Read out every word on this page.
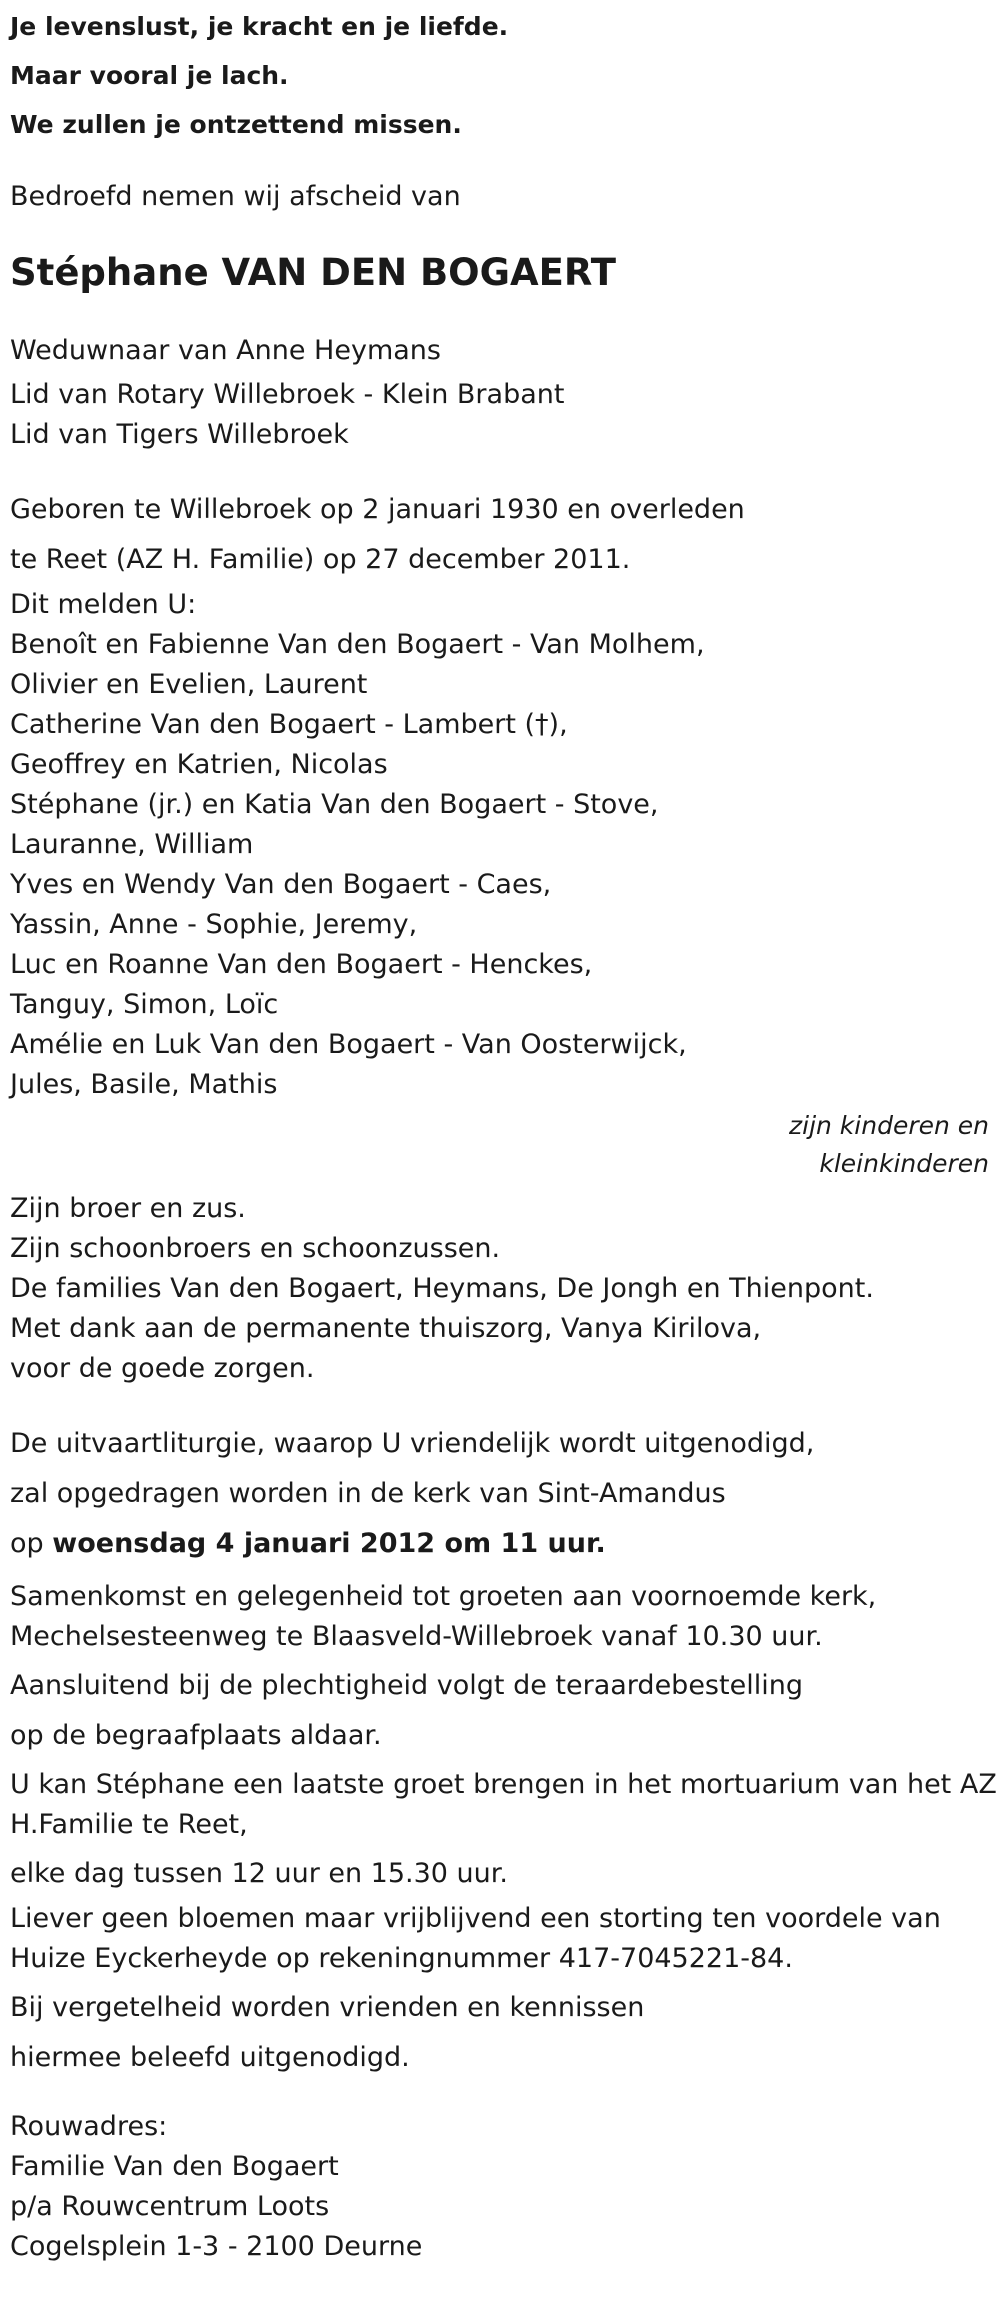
Je levenslust, je kracht en je liefde.
Maar vooral je lach.
We zullen je ontzettend missen.
Bedroefd nemen wij afscheid van
Stéphane VAN DEN BOGAERT
Weduwnaar van Anne Heymans
Lid van Rotary Willebroek - Klein Brabant
Lid van Tigers Willebroek
Geboren te Willebroek op 2 januari 1930 en overleden
te Reet (AZ H. Familie) op 27 december 2011.
Dit melden U:
Benoît en Fabienne Van den Bogaert - Van Molhem,
Olivier en Evelien, Laurent
Catherine Van den Bogaert - Lambert (†),
Geoffrey en Katrien, Nicolas
Stéphane (jr.) en Katia Van den Bogaert - Stove,
Lauranne, William
Yves en Wendy Van den Bogaert - Caes,
Yassin, Anne - Sophie, Jeremy,
Luc en Roanne Van den Bogaert - Henckes,
Tanguy, Simon, Loïc
Amélie en Luk Van den Bogaert - Van Oosterwijck,
Jules, Basile, Mathis
zijn kinderen en
kleinkinderen
Zijn broer en zus.
Zijn schoonbroers en schoonzussen.
De families Van den Bogaert, Heymans, De Jongh en Thienpont.
Met dank aan de permanente thuiszorg, Vanya Kirilova,
voor de goede zorgen.
De uitvaartliturgie, waarop U vriendelijk wordt uitgenodigd,
zal opgedragen worden in de kerk van Sint-Amandus
op woensdag 4 januari 2012 om 11 uur.
Samenkomst en gelegenheid tot groeten aan voornoemde kerk,
Mechelsesteenweg te Blaasveld-Willebroek vanaf 10.30 uur.
Aansluitend bij de plechtigheid volgt de teraardebestelling
op de begraafplaats aldaar.
U kan Stéphane een laatste groet brengen in het mortuarium van het AZ
H.Familie te Reet,
elke dag tussen 12 uur en 15.30 uur.
Liever geen bloemen maar vrijblijvend een storting ten voordele van
Huize Eyckerheyde op rekeningnummer 417-7045221-84.
Bij vergetelheid worden vrienden en kennissen
hiermee beleefd uitgenodigd.
Rouwadres:
Familie Van den Bogaert
p/a Rouwcentrum Loots
Cogelsplein 1-3 - 2100 Deurne
